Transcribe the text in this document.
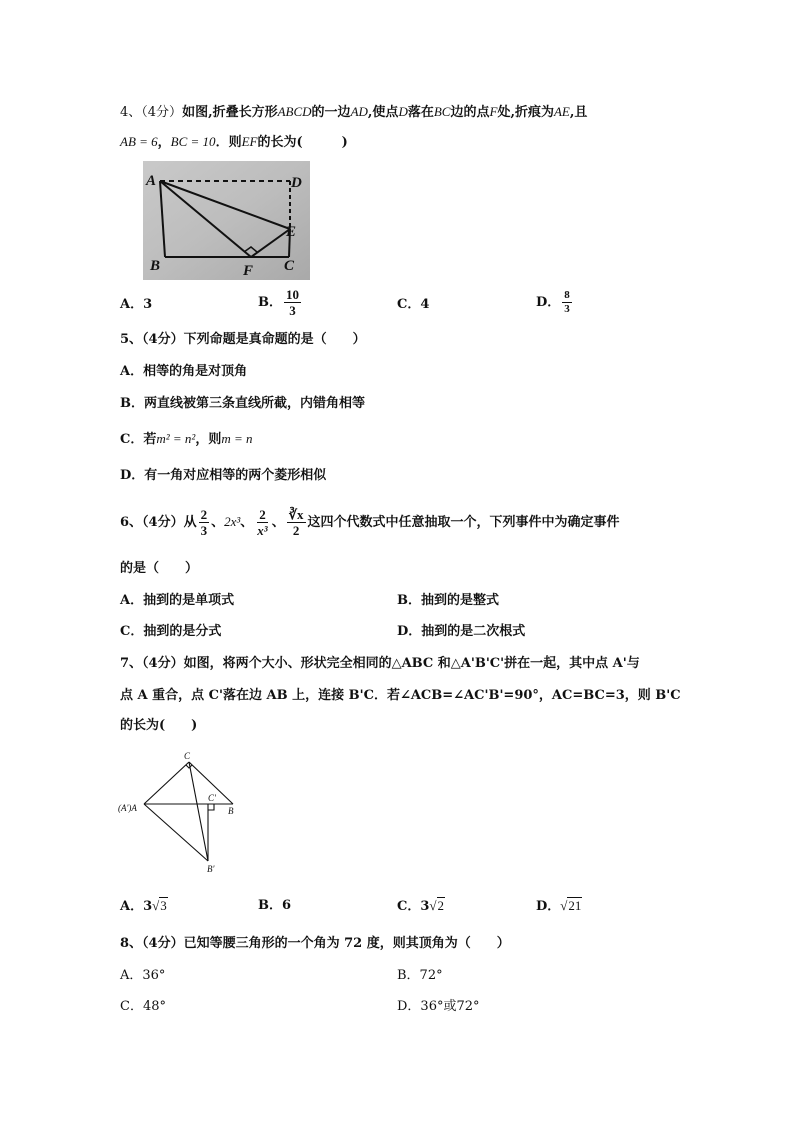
4、（4分）如图,折叠长方形ABCD的一边AD,使点D落在BC边的点F处,折痕为AE,且
AB = 6，BC = 10．则EF的长为(　　　)
A	D
E
B	F C
A．3	B． $\frac{10}{3}$	C．4	D． $\frac{8}{3}$
5、（4分）下列命题是真命题的是（　　）
A．相等的角是对顶角
B．两直线被第三条直线所截，内错角相等
C．若m² = n²，则m = n
D．有一角对应相等的两个菱形相似
6、（4分）从 $\frac{2}{3}$ 、2x³、 $\frac{2}{\text{x³}}$ 、 $\frac{∛x}{2}$ 这四个代数式中任意抽取一个，下列事件中为确定事件
的是（　　）
A．抽到的是单项式	B．抽到的是整式
C．抽到的是分式	D．抽到的是二次根式
7、（4分）如图，将两个大小、形状完全相同的△ABC 和△A'B'C'拼在一起，其中点 A'与
点 A 重合，点 C'落在边 AB 上，连接 B'C．若∠ACB=∠AC'B'=90°，AC=BC=3，则 B'C
的长为(　　)
C
(A')A
C'
B
B'
A．3√3	B．6	C．3√2	D．√21
8、（4分）已知等腰三角形的一个角为 72 度，则其顶角为（　　）
A．36°	B．72°
C．48°	D．36°或72°
